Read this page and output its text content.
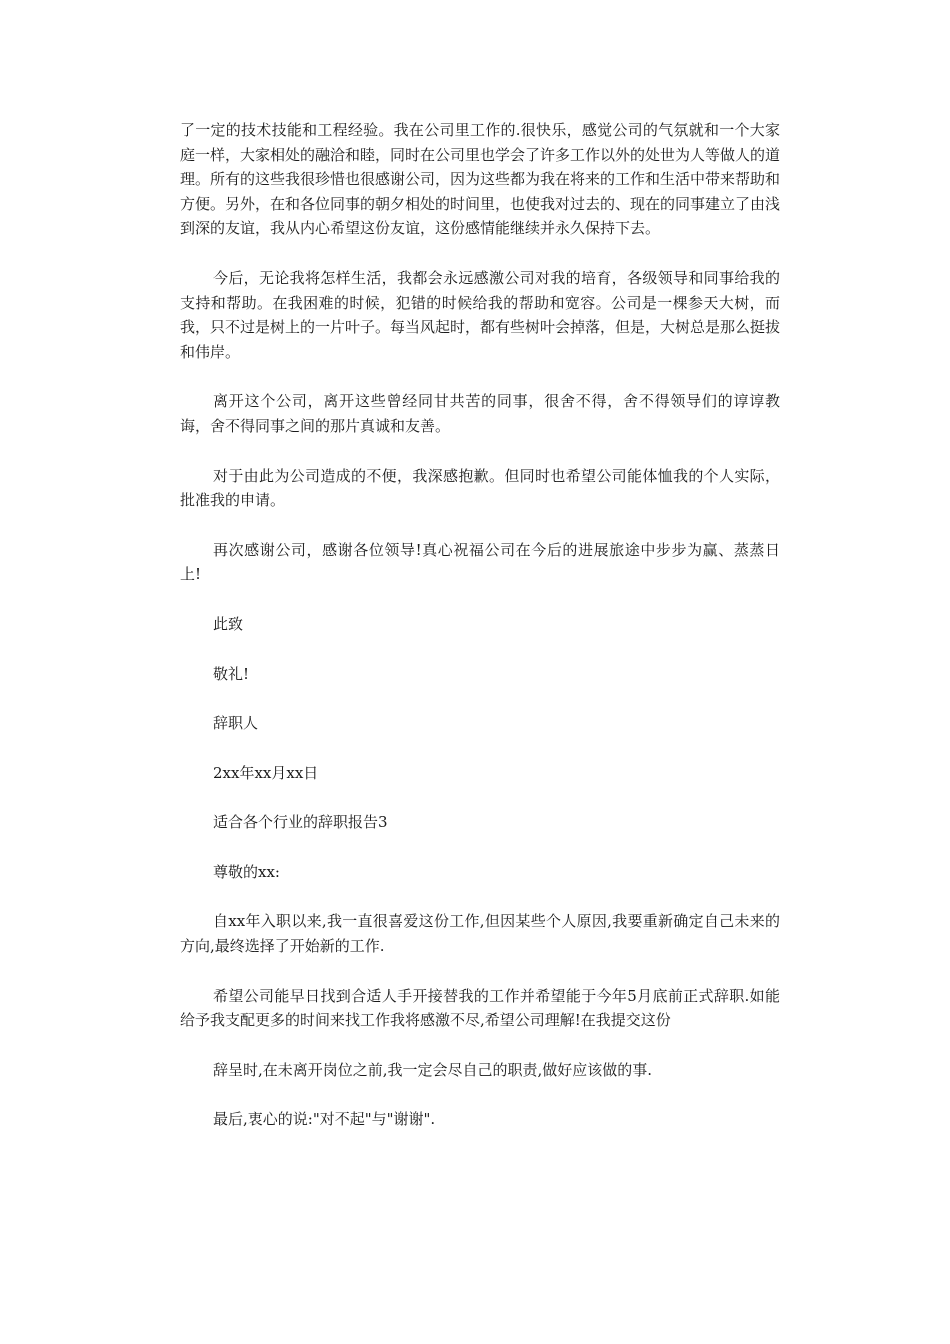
了一定的技术技能和工程经验。我在公司里工作的.很快乐，感觉公司的气氛就和一个大家庭一样，大家相处的融洽和睦，同时在公司里也学会了许多工作以外的处世为人等做人的道理。所有的这些我很珍惜也很感谢公司，因为这些都为我在将来的工作和生活中带来帮助和方便。另外，在和各位同事的朝夕相处的时间里，也使我对过去的、现在的同事建立了由浅到深的友谊，我从内心希望这份友谊，这份感情能继续并永久保持下去。

今后，无论我将怎样生活，我都会永远感激公司对我的培育，各级领导和同事给我的支持和帮助。在我困难的时候，犯错的时候给我的帮助和宽容。公司是一棵参天大树，而我，只不过是树上的一片叶子。每当风起时，都有些树叶会掉落，但是，大树总是那么挺拔和伟岸。

离开这个公司，离开这些曾经同甘共苦的同事，很舍不得，舍不得领导们的谆谆教诲，舍不得同事之间的那片真诚和友善。

对于由此为公司造成的不便，我深感抱歉。但同时也希望公司能体恤我的个人实际，批准我的申请。

再次感谢公司，感谢各位领导!真心祝福公司在今后的进展旅途中步步为赢、蒸蒸日上!

此致

敬礼!

辞职人

2xx年xx月xx日

适合各个行业的辞职报告3

尊敬的xx:

自xx年入职以来,我一直很喜爱这份工作,但因某些个人原因,我要重新确定自己未来的方向,最终选择了开始新的工作.

希望公司能早日找到合适人手开接替我的工作并希望能于今年5月底前正式辞职.如能给予我支配更多的时间来找工作我将感激不尽,希望公司理解!在我提交这份

辞呈时,在未离开岗位之前,我一定会尽自己的职责,做好应该做的事.

最后,衷心的说:"对不起"与"谢谢".
